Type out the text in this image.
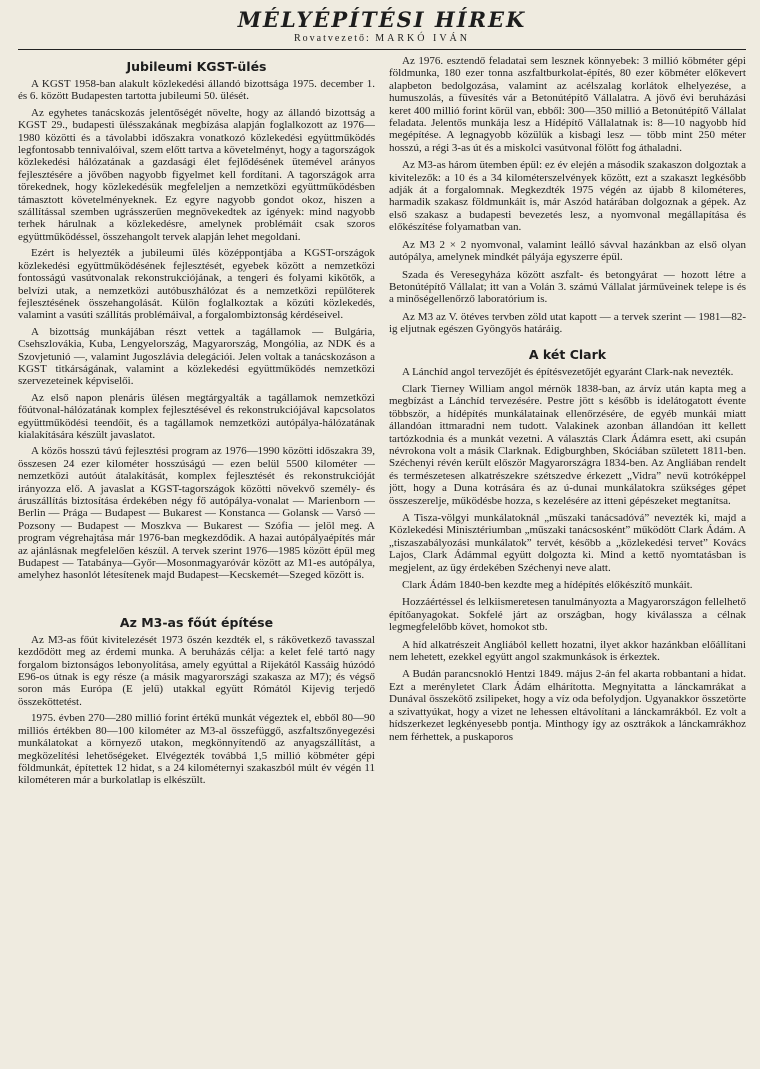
MÉLYÉPÍTÉSI HÍREK
Rovatvezető: MARKÓ IVÁN
Jubileumi KGST-ülés

A KGST 1958-ban alakult közlekedési állandó bizottsága 1975. december 1. és 6. között Budapesten tartotta jubileumi 50. ülését.

Az egyhetes tanácskozás jelentőségét növelte, hogy az állandó bizottság a KGST 29., budapesti ülésszakának megbízása alapján foglalkozott az 1976—1980 közötti és a távolabbi időszakra vonatkozó közlekedési együttműködés legfontosabb tennivalóival, szem előtt tartva a követelményt, hogy a tagországok közlekedési hálózatának a gazdasági élet fejlődésének ütemével arányos fejlesztésére a jövőben nagyobb figyelmet kell fordítani. A tagországok arra törekednek, hogy közlekedésük megfeleljen a nemzetközi együttműködésben támasztott követelményeknek. Ez egyre nagyobb gondot okoz, hiszen a szállítással szemben ugrásszerűen megnövekedtek az igények: mind nagyobb terhek hárulnak a közlekedésre, amelynek problémáit csak szoros együttműködéssel, összehangolt tervek alapján lehet megoldani.

Ezért is helyezték a jubileumi ülés középpontjába a KGST-országok közlekedési együttműködésének fejlesztését, egyebek között a nemzetközi fontosságú vasútvonalak rekonstrukciójának, a tengeri és folyami kikötők, a belvízi utak, a nemzetközi autóbuszhálózat és a nemzetközi repülőterek fejlesztésének összehangolását. Külön foglalkoztak a közúti közlekedés, valamint a vasúti szállítás problémáival, a forgalombiztonság kérdéseivel.

A bizottság munkájában részt vettek a tagállamok — Bulgária, Csehszlovákia, Kuba, Lengyelország, Magyarország, Mongólia, az NDK és a Szovjetunió —, valamint Jugoszlávia delegációi. Jelen voltak a tanácskozáson a KGST titkárságának, valamint a közlekedési együttműködés nemzetközi szervezeteinek képviselői.

Az első napon plenáris ülésen megtárgyalták a tagállamok nemzetközi főútvonal-hálózatának komplex fejlesztésével és rekonstrukciójával kapcsolatos együttműködési teendőit, és a tagállamok nemzetközi autópálya-hálózatának kialakítására készült javaslatot.

A közös hosszú távú fejlesztési program az 1976—1990 közötti időszakra 39, összesen 24 ezer kilométer hosszúságú — ezen belül 5500 kilométer — nemzetközi autóút átalakítását, komplex fejlesztését és rekonstrukcióját irányozza elő. A javaslat a KGST-tagországok közötti növekvő személy- és áruszállítás biztosítása érdekében négy fő autópálya-vonalat — Marienborn — Berlin — Prága — Budapest — Bukarest — Konstanca — Golansk — Varsó — Pozsony — Budapest — Moszkva — Bukarest — Szófia — jelöl meg. A program végrehajtása már 1976-ban megkezdődik. A hazai autópályaépítés már az ajánlásnak megfelelően készül. A tervek szerint 1976—1985 között épül meg Budapest — Tatabánya—Győr—Mosonmagyaróvár között az M1-es autópálya, amelyhez hasonlót létesítenek majd Budapest—Kecskemét—Szeged között is.

Az M3-as főút építése

Az M3-as főút kivitelezését 1973 őszén kezdték el, s rákövetkező tavasszal kezdődött meg az érdemi munka. A beruházás célja: a kelet felé tartó nagy forgalom biztonságos lebonyolítása, amely egyúttal a Rijekától Kassáig húzódó E96-os útnak is egy része (a másik magyarországi szakasza az M7); és végső soron más Európa (E jelű) utakkal együtt Rómától Kijevig terjedő összeköttetést.

1975. évben 270—280 millió forint értékű munkát végeztek el, ebből 80—90 milliós értékben 80—100 kilométer az M3-al összefüggő, aszfaltszőnyegezési munkálatokat a környező utakon, megkönnyítendő az anyagszállítást, a megközelítési lehetőségeket. Elvégezték továbbá 1,5 millió köbméter gépi földmunkát, építettek 12 hidat, s a 24 kilométernyi szakaszból múlt év végén 11 kilométeren már a burkolatlap is elkészült.

Az 1976. esztendő feladatai sem lesznek könnyebek: 3 millió köbméter gépi földmunka, 180 ezer tonna aszfaltburkolat-építés, 80 ezer köbméter előkevert alapbeton bedolgozása, valamint az acélszalag korlátok elhelyezése, a humuszolás, a füvesítés vár a Betonútépítő Vállalatra. A jövő évi beruházási keret 400 millió forint körül van, ebből: 300—350 millió a Betonútépítő Vállalat feladata. Jelentős munkája lesz a Hídépítő Vállalatnak is: 8—10 nagyobb híd megépítése. A legnagyobb közülük a kisbagi lesz — több mint 250 méter hosszú, a régi 3-as út és a miskolci vasútvonal fölött fog áthaladni.

Az M3-as három ütemben épül: ez év elején a második szakaszon dolgoztak a kivitelezők: a 10 és a 34 kilométerszelvények között, ezt a szakaszt legkésőbb adják át a forgalomnak. Megkezdték 1975 végén az újabb 8 kilométeres, harmadik szakasz földmunkáit is, már Aszód határában dolgoznak a gépek. Az első szakasz a budapesti bevezetés lesz, a nyomvonal megállapítása és előkészítése folyamatban van.

Az M3 2 × 2 nyomvonal, valamint leálló sávval hazánkban az első olyan autópálya, amelynek mindkét pályája egyszerre épül.

Szada és Veresegyháza között aszfalt- és betongyárat — hozott létre a Betonútépítő Vállalat; itt van a Volán 3. számú Vállalat járműveinek telepe is és a minőségellenőrző laboratórium is.

Az M3 az V. ötéves tervben zöld utat kapott — a tervek szerint — 1981—82-ig eljutnak egészen Gyöngyös határáig.

A két Clark

A Lánchíd angol tervezőjét és építésvezetőjét egyaránt Clark-nak nevezték.

Clark Tierney William angol mérnök 1838-ban, az árvíz után kapta meg a megbízást a Lánchíd tervezésére. Pestre jött s később is idelátogatott évente többször, a hídépítés munkálatainak ellenőrzésére, de egyéb munkái miatt állandóan ittmaradni nem tudott. Valakinek azonban állandóan itt kellett tartózkodnia és a munkát vezetni. A választás Clark Ádámra esett, aki csupán névrokona volt a másik Clarknak. Edigburghben, Skóciában született 1811-ben. Széchenyi révén került először Magyarországra 1834-ben. Az Angliában rendelt és természetesen alkatrészekre szétszedve érkezett „Vidra” nevű kotróképpel jött, hogy a Duna kotrására és az ú-dunai munkálatokra szükséges gépet összeszerelje, működésbe hozza, s kezelésére az itteni gépészeket megtanítsa.

A Tisza-völgyi munkálatoknál „műszaki tanácsadóvá” nevezték ki, majd a Közlekedési Minisztériumban „műszaki tanácsosként” működött Clark Ádám. A „tiszaszabályozási munkálatok” tervét, később a „közlekedési tervet” Kovács Lajos, Clark Ádámmal együtt dolgozta ki. Mind a kettő nyomtatásban is megjelent, az ügy érdekében Széchenyi neve alatt.

Clark Ádám 1840-ben kezdte meg a hídépítés előkészítő munkáit.

Hozzáértéssel és lelkiismeretesen tanulmányozta a Magyarországon fellelhető építőanyagokat. Sokfelé járt az országban, hogy kiválassza a célnak legmegfelelőbb követ, homokot stb.

A híd alkatrészeit Angliából kellett hozatni, ilyet akkor hazánkban előállítani nem lehetett, ezekkel együtt angol szakmunkások is érkeztek.

A Budán parancsnokló Hentzi 1849. május 2-án fel akarta robbantani a hidat. Ezt a merényletet Clark Ádám elhárította. Megnyitatta a lánckamrákat a Dunával összekötő zsilipeket, hogy a víz oda befolydjon. Ugyanakkor összetörte a szivattyúkat, hogy a vizet ne lehessen eltávolítani a lánckamrákból. Ez volt a hídszerkezet legkényesebb pontja. Minthogy így az osztrákok a lánckamrákhoz nem férhettek, a puskaporos
